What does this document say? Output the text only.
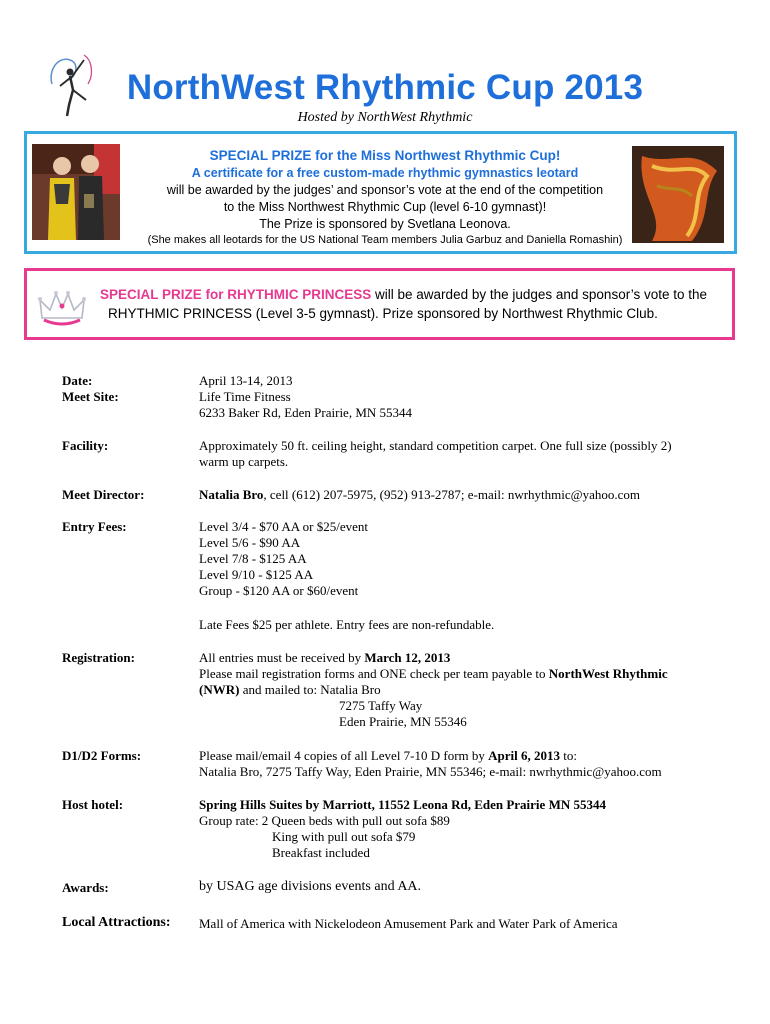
NorthWest Rhythmic Cup 2013
Hosted by NorthWest Rhythmic
SPECIAL PRIZE for the Miss Northwest Rhythmic Cup!
A certificate for a free custom-made rhythmic gymnastics leotard
will be awarded by the judges’ and sponsor’s vote at the end of the competition
to the Miss Northwest Rhythmic Cup (level 6-10 gymnast)!
The Prize is sponsored by Svetlana Leonova.
(She makes all leotards for the US National Team members Julia Garbuz and Daniella Romashin)
SPECIAL PRIZE for RHYTHMIC PRINCESS will be awarded by the judges and sponsor’s vote to the
RHYTHMIC PRINCESS (Level 3-5 gymnast). Prize sponsored by Northwest Rhythmic Club.
Date:	April 13-14, 2013
Meet Site:	Life Time Fitness
6233 Baker Rd, Eden Prairie, MN 55344
Facility:	Approximately 50 ft. ceiling height, standard competition carpet. One full size (possibly 2)
warm up carpets.
Meet Director:	Natalia Bro, cell (612) 207-5975, (952) 913-2787; e-mail: nwrhythmic@yahoo.com
Entry Fees:	Level 3/4 - $70 AA or $25/event
Level 5/6 - $90 AA
Level 7/8 - $125 AA
Level 9/10 - $125 AA
Group - $120 AA or $60/event
Late Fees $25 per athlete. Entry fees are non-refundable.
Registration:	All entries must be received by March 12, 2013
Please mail registration forms and ONE check per team payable to NorthWest Rhythmic
(NWR) and mailed to: Natalia Bro
7275 Taffy Way
Eden Prairie, MN 55346
D1/D2 Forms:	Please mail/email 4 copies of all Level 7-10 D form by April 6, 2013 to:
Natalia Bro, 7275 Taffy Way, Eden Prairie, MN 55346; e-mail: nwrhythmic@yahoo.com
Host hotel:	Spring Hills Suites by Marriott, 11552 Leona Rd, Eden Prairie MN 55344
Group rate: 2 Queen beds with pull out sofa $89
King with pull out sofa $79
Breakfast included
Awards:	by USAG age divisions events and AA.
Local Attractions: Mall of America with Nickelodeon Amusement Park and Water Park of America
